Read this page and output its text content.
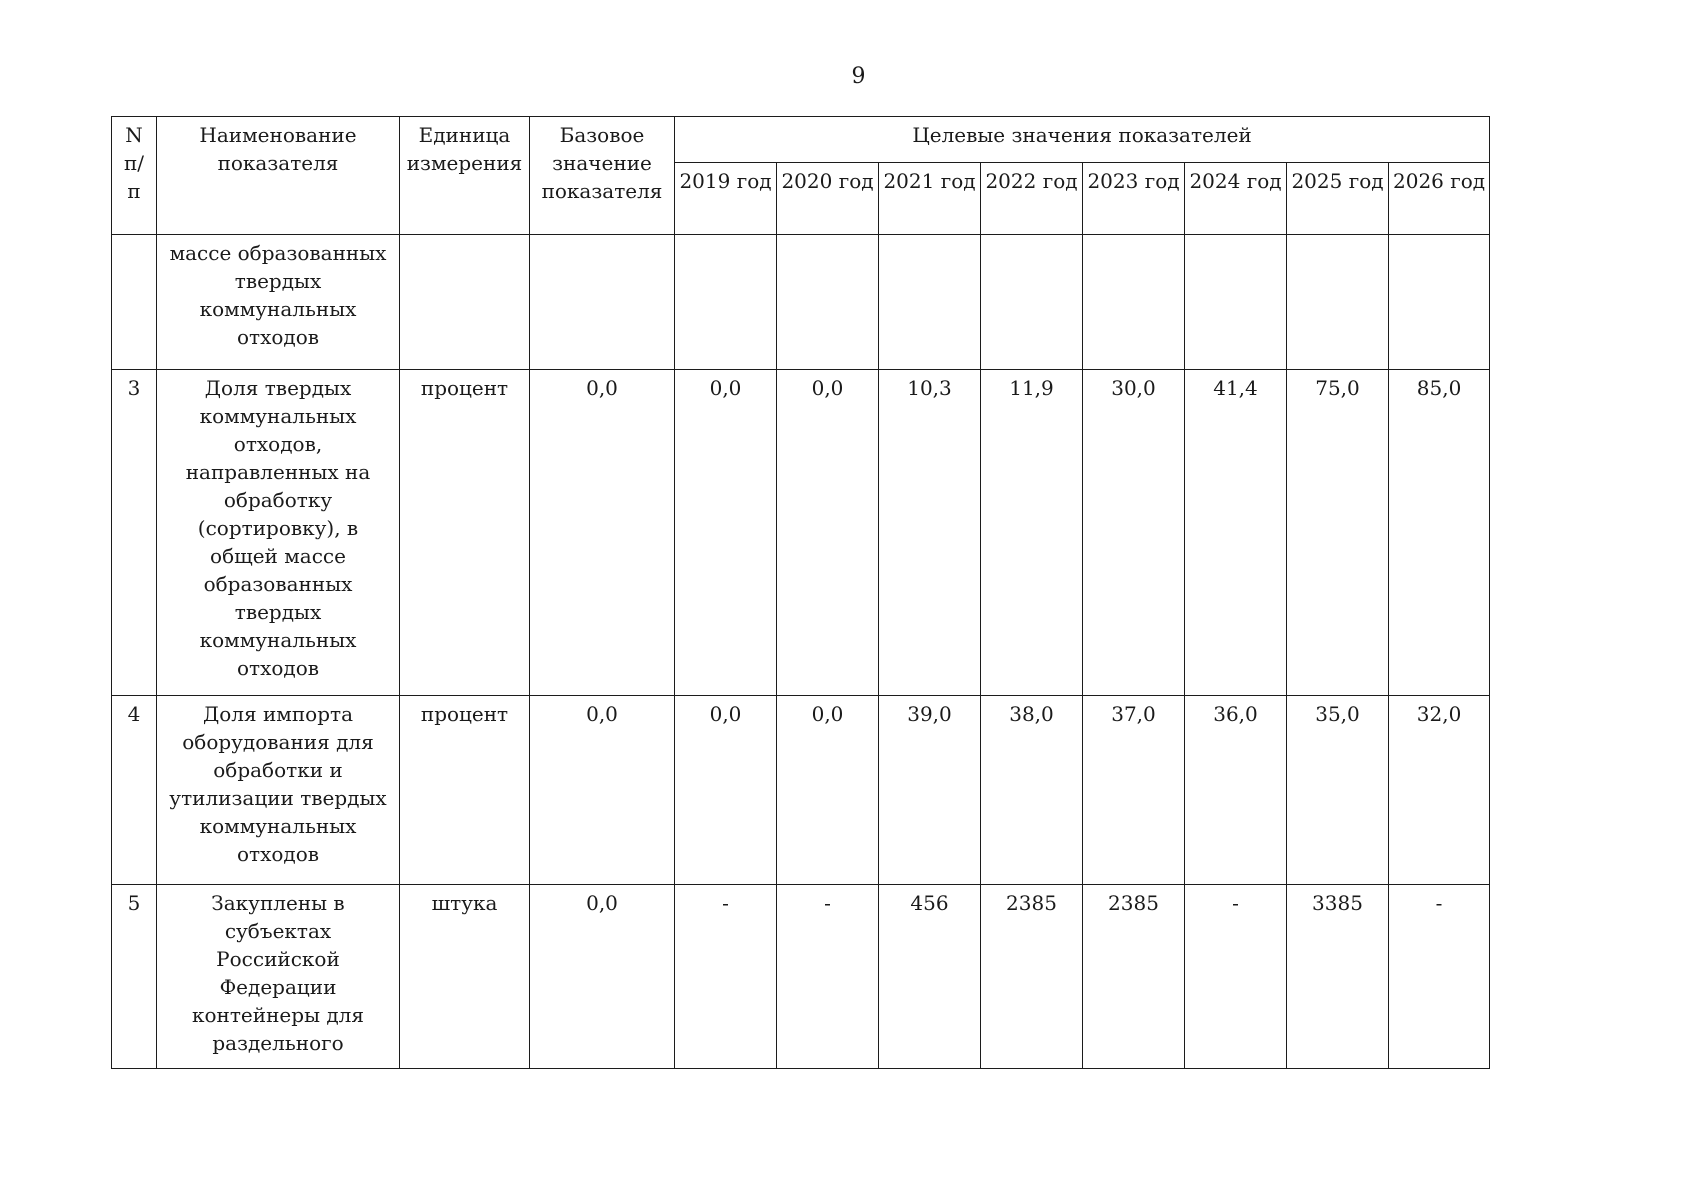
9
N п/ п	Наименование показателя	Единица измерения	Базовое значение показателя	Целевые значения показателей							
				2019 год	2020 год	2021 год	2022 год	2023 год	2024 год	2025 год	2026 год
	массе образованных твердых коммунальных отходов										
3	Доля твердых коммунальных отходов, направленных на обработку (сортировку), в общей массе образованных твердых коммунальных отходов	процент	0,0	0,0	0,0	10,3	11,9	30,0	41,4	75,0	85,0
4	Доля импорта оборудования для обработки и утилизации твердых коммунальных отходов	процент	0,0	0,0	0,0	39,0	38,0	37,0	36,0	35,0	32,0
5	Закуплены в субъектах Российской Федерации контейнеры для раздельного	штука	0,0	-	-	456	2385	2385	-	3385	-
